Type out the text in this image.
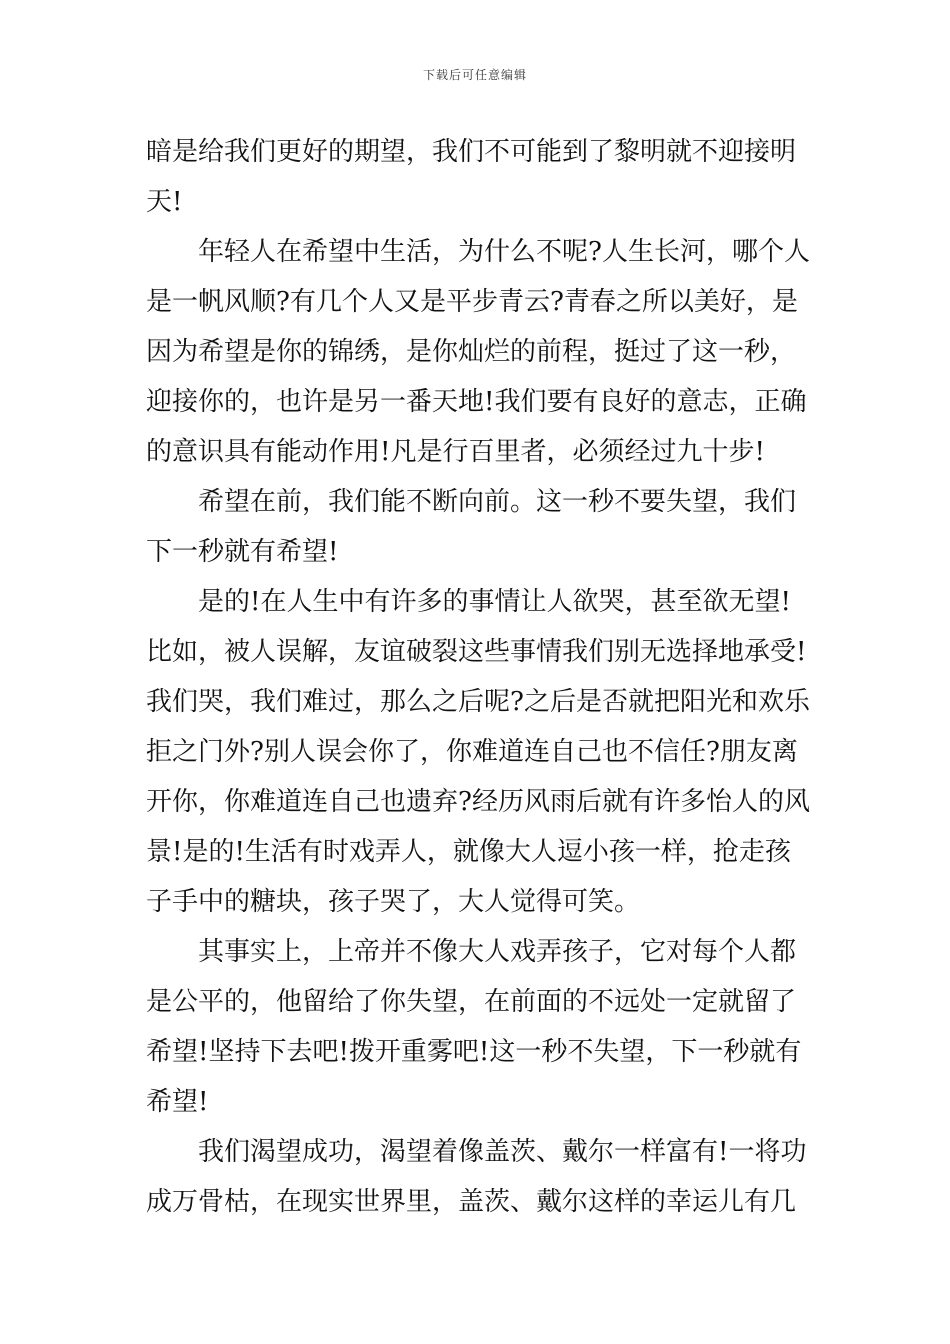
下载后可任意编辑
暗是给我们更好的期望，我们不可能到了黎明就不迎接明
天!
年轻人在希望中生活，为什么不呢?人生长河，哪个人
是一帆风顺?有几个人又是平步青云?青春之所以美好，是
因为希望是你的锦绣，是你灿烂的前程，挺过了这一秒，
迎接你的，也许是另一番天地!我们要有良好的意志，正确
的意识具有能动作用!凡是行百里者，必须经过九十步!
希望在前，我们能不断向前。这一秒不要失望，我们
下一秒就有希望!
是的!在人生中有许多的事情让人欲哭，甚至欲无望!
比如，被人误解，友谊破裂这些事情我们别无选择地承受!
我们哭，我们难过，那么之后呢?之后是否就把阳光和欢乐
拒之门外?别人误会你了，你难道连自己也不信任?朋友离
开你，你难道连自己也遗弃?经历风雨后就有许多怡人的风
景!是的!生活有时戏弄人，就像大人逗小孩一样，抢走孩
子手中的糖块，孩子哭了，大人觉得可笑。
其事实上，上帝并不像大人戏弄孩子，它对每个人都
是公平的，他留给了你失望，在前面的不远处一定就留了
希望!坚持下去吧!拨开重雾吧!这一秒不失望，下一秒就有
希望!
我们渴望成功，渴望着像盖茨、戴尔一样富有!一将功
成万骨枯，在现实世界里，盖茨、戴尔这样的幸运儿有几
